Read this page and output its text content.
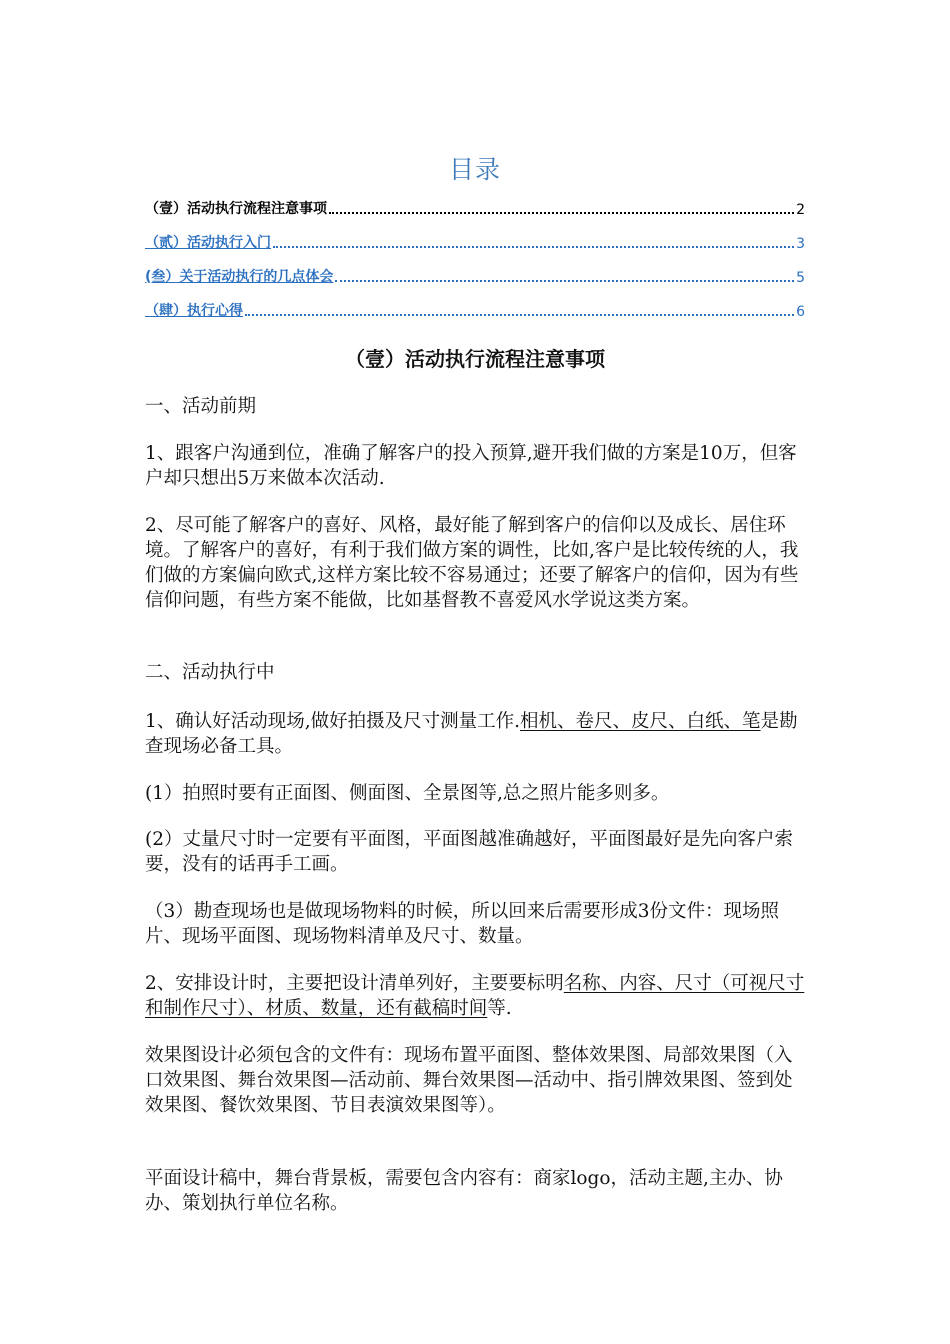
目录
（壹）活动执行流程注意事项	2
（贰）活动执行入门	3
(叁）关于活动执行的几点体会	5
（肆）执行心得	6
（壹）活动执行流程注意事项
一、活动前期
1、跟客户沟通到位，准确了解客户的投入预算,避开我们做的方案是10万，但客户却只想出5万来做本次活动.
2、尽可能了解客户的喜好、风格，最好能了解到客户的信仰以及成长、居住环境。了解客户的喜好，有利于我们做方案的调性，比如,客户是比较传统的人，我们做的方案偏向欧式,这样方案比较不容易通过；还要了解客户的信仰，因为有些信仰问题，有些方案不能做，比如基督教不喜爱风水学说这类方案。
二、活动执行中
1、确认好活动现场,做好拍摄及尺寸测量工作.相机、卷尺、皮尺、白纸、笔是勘查现场必备工具。
(1）拍照时要有正面图、侧面图、全景图等,总之照片能多则多。
(2）丈量尺寸时一定要有平面图，平面图越准确越好，平面图最好是先向客户索要，没有的话再手工画。
（3）勘查现场也是做现场物料的时候，所以回来后需要形成3份文件：现场照片、现场平面图、现场物料清单及尺寸、数量。
2、安排设计时，主要把设计清单列好，主要要标明名称、内容、尺寸（可视尺寸和制作尺寸）、材质、数量，还有截稿时间等.
效果图设计必须包含的文件有：现场布置平面图、整体效果图、局部效果图（入口效果图、舞台效果图—活动前、舞台效果图—活动中、指引牌效果图、签到处效果图、餐饮效果图、节目表演效果图等）。
平面设计稿中，舞台背景板，需要包含内容有：商家logo，活动主题,主办、协办、策划执行单位名称。
